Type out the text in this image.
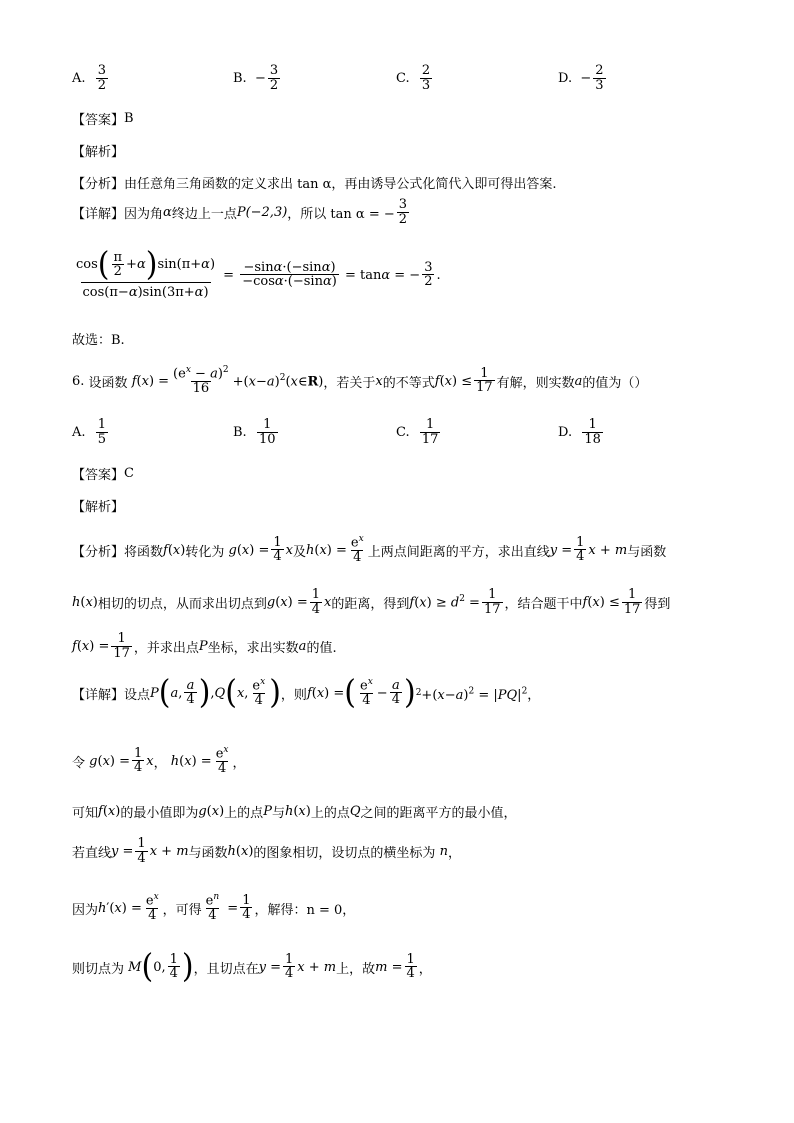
A.
$\frac{3}{2}$	B.
− $\frac{3}{2}$	C.
$\frac{2}{3}$	D.
− $\frac{2}{3}$
【答案】 B
【解析】
【分析】 由任意角三角函数的定义求出 tan α，再由诱导公式化简代入即可得出答案.
【详解】 因为角 α 终边上一点 P(−2,3) ，所以 tan α = − $\frac{3}{2}$
$\frac{\cos ( \frac{\pi}{2} + \alpha ) \sin(\pi+ \alpha )}{\cos(\pi-\alpha)\sin(3\pi+\alpha)} = \frac{-\sin\alpha\cdot(-\sin\alpha)}{-\cos\alpha\cdot(-\sin\alpha)} = \tan\alpha$ = − $\frac{3}{2}$ .
故选：B.
6.
设函数 f $(x) = \frac{(e^x - a)^2}{16}$ $+(x-a)^2(x\in R)$ ，若关于 x 的不等式 $f(x) \le \frac{1}{17}$ 有解，则实数 a 的值为（）
A.
$\frac{1}{5}$	B.
$\frac{1}{10}$	C.
$\frac{1}{17}$	D.
$\frac{1}{18}$
【答案】 C
【解析】
【分析】 将函数 f ( x ) 转化为 $g(x) = \frac{1}{4}$ x 及 $h(x) = \frac{e^x}{4}$ 上两点间距离的平方，求出直线 $y = \frac{1}{4}$ x + m 与函数
h ( x ) 相切的切点，从而求出切点到 $g(x) = \frac{1}{4}$ x 的距离，得到 $f(x) \ge d^2 = \frac{1}{17}$ ，结合题干中 $f(x) \le \frac{1}{17}$ 得到
$f(x) = \frac{1}{17}$ ，并求出点 P 坐标，求出实数 a 的值.
【详解】 设点 P ( a , $\frac{a}{4}$ ) , Q ( x , $\frac{e^x}{4}$ ) ，则 f(x) = ( $\frac{e^x}{4} - \frac{a}{4}$ ) $2 +(x-a)^2 = |PQ|^2$，
令 $g(x) = \frac{1}{4}$ x ， $h(x) = \frac{e^x}{4}$ ，
可知 f ( x ) 的最小值即为 g ( x ) 上的点 P 与 h ( x ) 上的点 Q 之间的距离平方的最小值，
若直线 $y = \frac{1}{4}$ x + m 与函数 h ( x ) 的图象相切，设切点的横坐标为 n ，
因为 $h'(x) = \frac{e^x}{4}$ ，可得 $\frac{e^n}{4} = \frac{1}{4}$ ，解得： n = 0，
则切点为 M ( 0, $\frac{1}{4}$ ) ，且切点在 $y = \frac{1}{4}$ x + m 上，故 $m = \frac{1}{4}$ ，
